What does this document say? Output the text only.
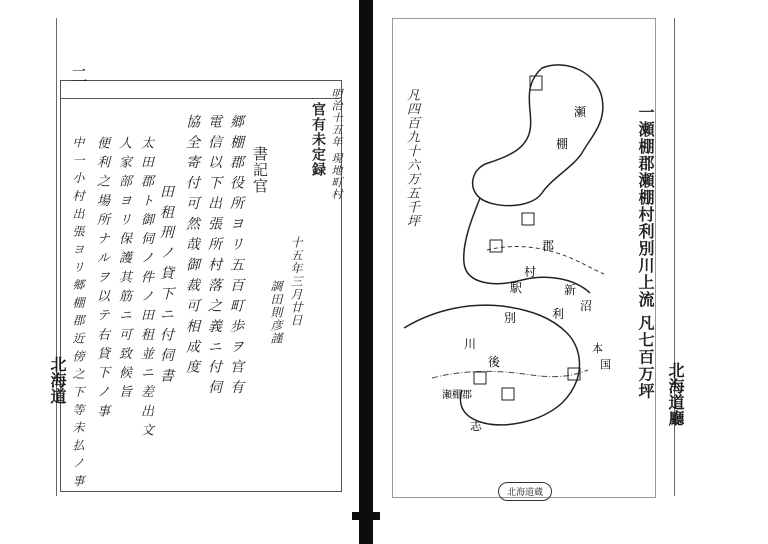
二
北海道
明治十五年 現地町村
官有未定録
書記官
十五年三月廿日
調田則彦謹
郷 棚 郡 役 所 ヨ リ 五 百 町 歩 ヲ 官 有
電 信 以 下 出 張 所 村 落 之 義 ニ 付 伺
協 全 寄 付 可 然 哉 御 裁 可 相 成 度
田 租 刑 ノ 貸 下 ニ 付 伺 書
太 田 郡 ト 御 伺 ノ 件 ノ 田 租 並 ニ 差 出 文
人 家 部 ヨ リ 保 護 其 筋 ニ 可 致 候 旨
便 利 之 場 所 ナ ル ヲ 以 テ 右 貸 下 ノ 事
中 一 小 村 出 張 ヨ リ 郷 棚 郡 近 傍 之 下 等 未 払 ノ 事	北海道廳
一瀬棚郡瀬棚村利別川上流 凡七百万坪
凡四百九十六万五千坪	瀬
棚
郡
村
駅	新
沼
利
別
川	本
国
後
瀬棚郡
志
北海道蔵
